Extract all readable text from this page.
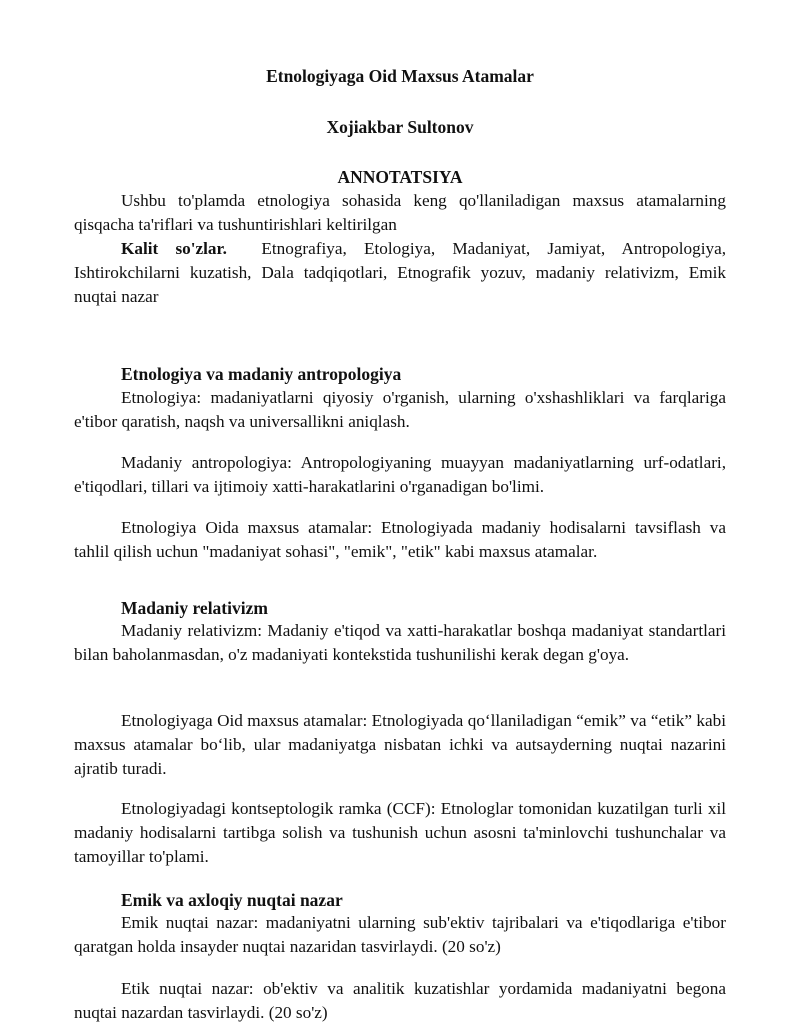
Etnologiyaga Oid Maxsus Atamalar
Xojiakbar Sultonov
ANNOTATSIYA
Ushbu to'plamda etnologiya sohasida keng qo'llaniladigan maxsus atamalarning qisqacha ta'riflari va tushuntirishlari keltirilgan
Kalit so'zlar. Etnografiya, Etologiya, Madaniyat, Jamiyat, Antropologiya, Ishtirokchilarni kuzatish, Dala tadqiqotlari, Etnografik yozuv, madaniy relativizm, Emik nuqtai nazar
Etnologiya va madaniy antropologiya
Etnologiya: madaniyatlarni qiyosiy o'rganish, ularning o'xshashliklari va farqlariga e'tibor qaratish, naqsh va universallikni aniqlash.
Madaniy antropologiya: Antropologiyaning muayyan madaniyatlarning urf-odatlari, e'tiqodlari, tillari va ijtimoiy xatti-harakatlarini o'rganadigan bo'limi.
Etnologiya Oida maxsus atamalar: Etnologiyada madaniy hodisalarni tavsiflash va tahlil qilish uchun "madaniyat sohasi", "emik", "etik" kabi maxsus atamalar.
Madaniy relativizm
Madaniy relativizm: Madaniy e'tiqod va xatti-harakatlar boshqa madaniyat standartlari bilan baholanmasdan, o'z madaniyati kontekstida tushunilishi kerak degan g'oya.
Etnologiyaga Oid maxsus atamalar: Etnologiyada qo‘llaniladigan “emik” va “etik” kabi maxsus atamalar bo‘lib, ular madaniyatga nisbatan ichki va autsayderning nuqtai nazarini ajratib turadi.
Etnologiyadagi kontseptologik ramka (CCF): Etnologlar tomonidan kuzatilgan turli xil madaniy hodisalarni tartibga solish va tushunish uchun asosni ta'minlovchi tushunchalar va tamoyillar to'plami.
Emik va axloqiy nuqtai nazar
Emik nuqtai nazar: madaniyatni ularning sub'ektiv tajribalari va e'tiqodlariga e'tibor qaratgan holda insayder nuqtai nazaridan tasvirlaydi. (20 so'z)
Etik nuqtai nazar: ob'ektiv va analitik kuzatishlar yordamida madaniyatni begona nuqtai nazardan tasvirlaydi. (20 so'z)
